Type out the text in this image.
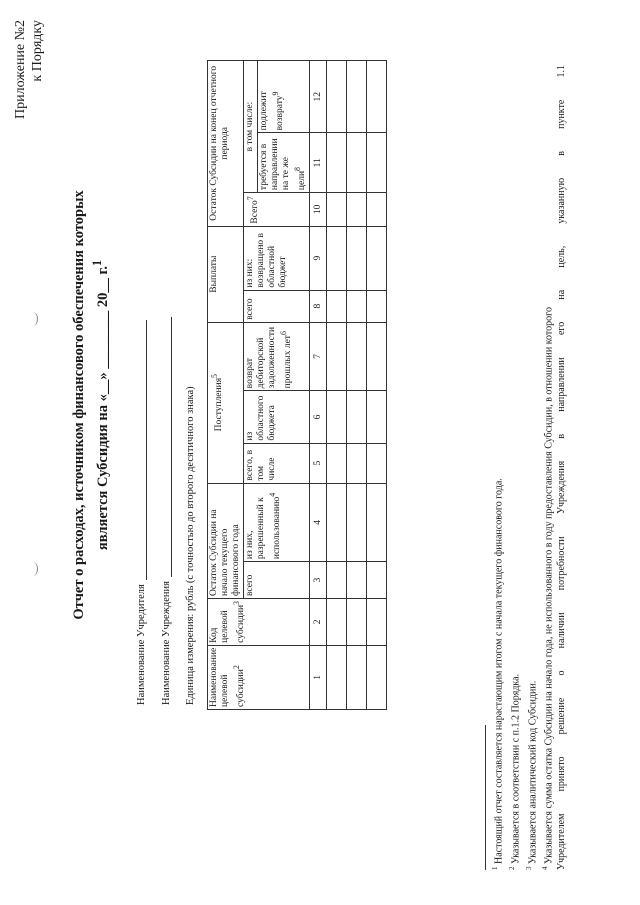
Приложение №2 к Порядку
Отчет о расходах, источником финансового обеспечения которых является Субсидия на «__» ________ 20__ г.$^1$
Наименование Учредителя Наименование Учреждения Единица измерения: рубль (с точностью до второго десятичного знака) Наименование целевой субсидии$^2$	Код целевой субсидии$^3$	Остаток Субсидии на начало текущего финансового года		Поступления$^5$			Выплаты		Остаток Субсидии на конец отчетного периода		
		всего	из них, разрешенный к использованию$^4$	всего, в том числе	из областного бюджета	возврат дебиторской задолженности прошлых лет$^6$	всего	из них: возвращено в областной бюджет	Всего$^7$	в том числе:	
										требуется в направлении на те же цели$^8$	подлежит возврату$^9$
1	2	3	4	5	6	7	8	9	10	11	12

$^1$ Настоящий отчет составляется нарастающим итогом с начала текущего финансового года.

$^2$ Указывается в соответствии с п.1.2 Порядка.

$^3$ Указывается аналитический код Субсидии.

$^4$ Указывается сумма остатка Субсидии на начало года, не использованного в году предоставления Субсидии, в отношении которого Учредителем принято решение о наличии потребности Учреждения в направлении его на цель, указанную в пункте 1.1
